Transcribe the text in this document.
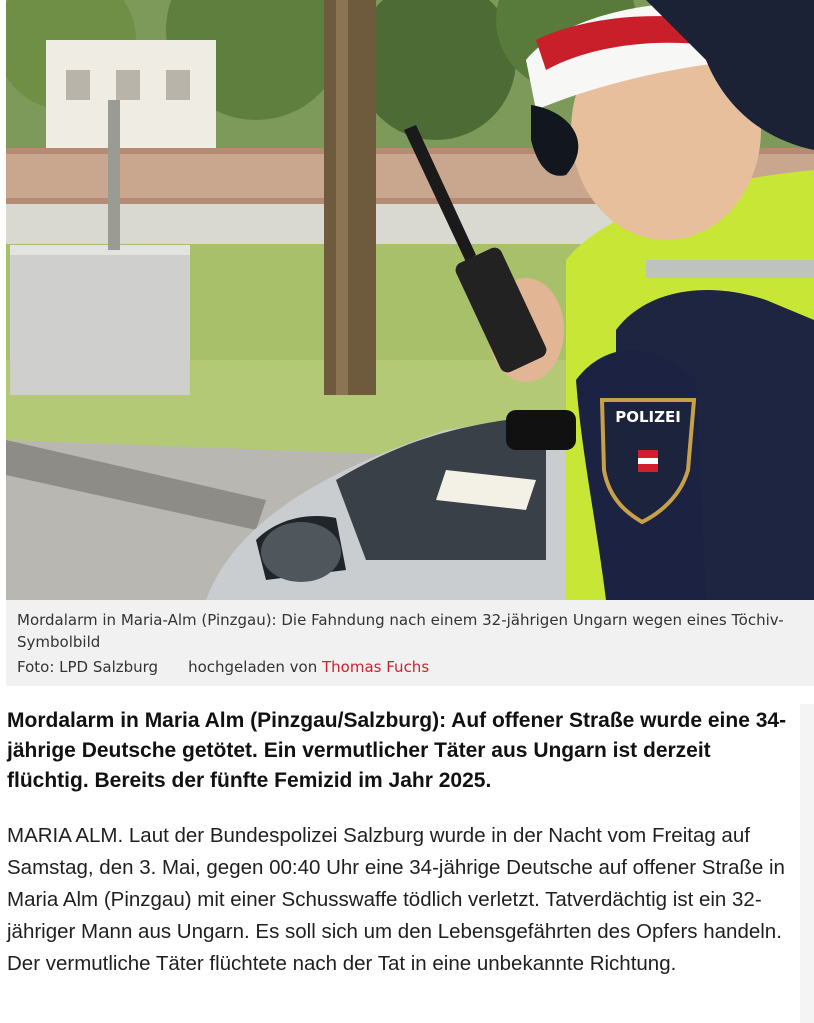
POLIZEI
Mordalarm in Maria-Alm (Pinzgau): Die Fahndung nach einem 32-jährigen Ungarn wegen eines Töchiv-Symbolbild
Foto: LPD Salzburg hochgeladen von Thomas Fuchs
Mordalarm in Maria Alm (Pinzgau/Salzburg): Auf offener Straße wurde eine 34-jährige Deutsche getötet. Ein vermutlicher Täter aus Ungarn ist derzeit flüchtig. Bereits der fünfte Femizid im Jahr 2025.

MARIA ALM. Laut der Bundespolizei Salzburg wurde in der Nacht vom Freitag auf Samstag, den 3. Mai, gegen 00:40 Uhr eine 34-jährige Deutsche auf offener Straße in Maria Alm (Pinzgau) mit einer Schusswaffe tödlich verletzt. Tatverdächtig ist ein 32-jähriger Mann aus Ungarn. Es soll sich um den Lebensgefährten des Opfers handeln. Der vermutliche Täter flüchtete nach der Tat in eine unbekannte Richtung.
